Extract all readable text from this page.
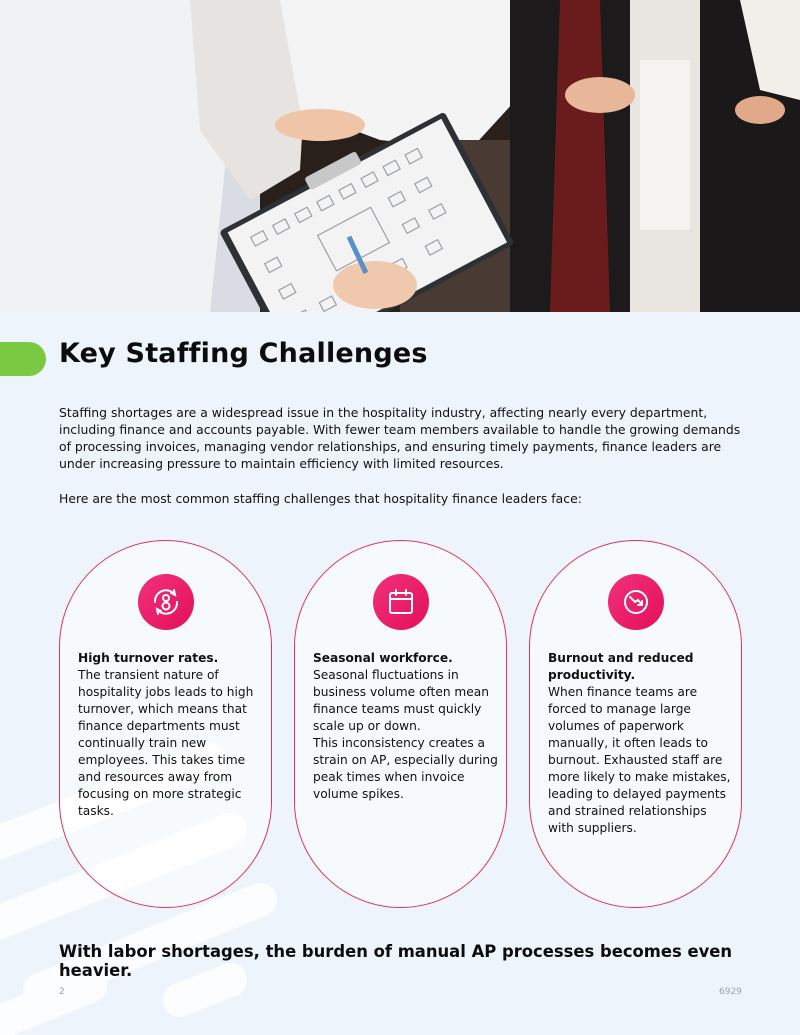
Key Staffing Challenges

Staffing shortages are a widespread issue in the hospitality industry, affecting nearly every department, including finance and accounts payable. With fewer team members available to handle the growing demands of processing invoices, managing vendor relationships, and ensuring timely payments, finance leaders are under increasing pressure to maintain efficiency with limited resources.

Here are the most common staffing challenges that hospitality finance leaders face:

High turnover rates.
The transient nature of hospitality jobs leads to high turnover, which means that finance departments must continually train new employees. This takes time and resources away from focusing on more strategic tasks.
Seasonal workforce.
Seasonal fluctuations in business volume often mean finance teams must quickly scale up or down.
This inconsistency creates a strain on AP, especially during peak times when invoice volume spikes.
Burnout and reduced productivity.
When finance teams are forced to manage large volumes of paperwork manually, it often leads to burnout. Exhausted staff are more likely to make mistakes, leading to delayed payments and strained relationships with suppliers.

With labor shortages, the burden of manual AP processes becomes even heavier.

2	6929
